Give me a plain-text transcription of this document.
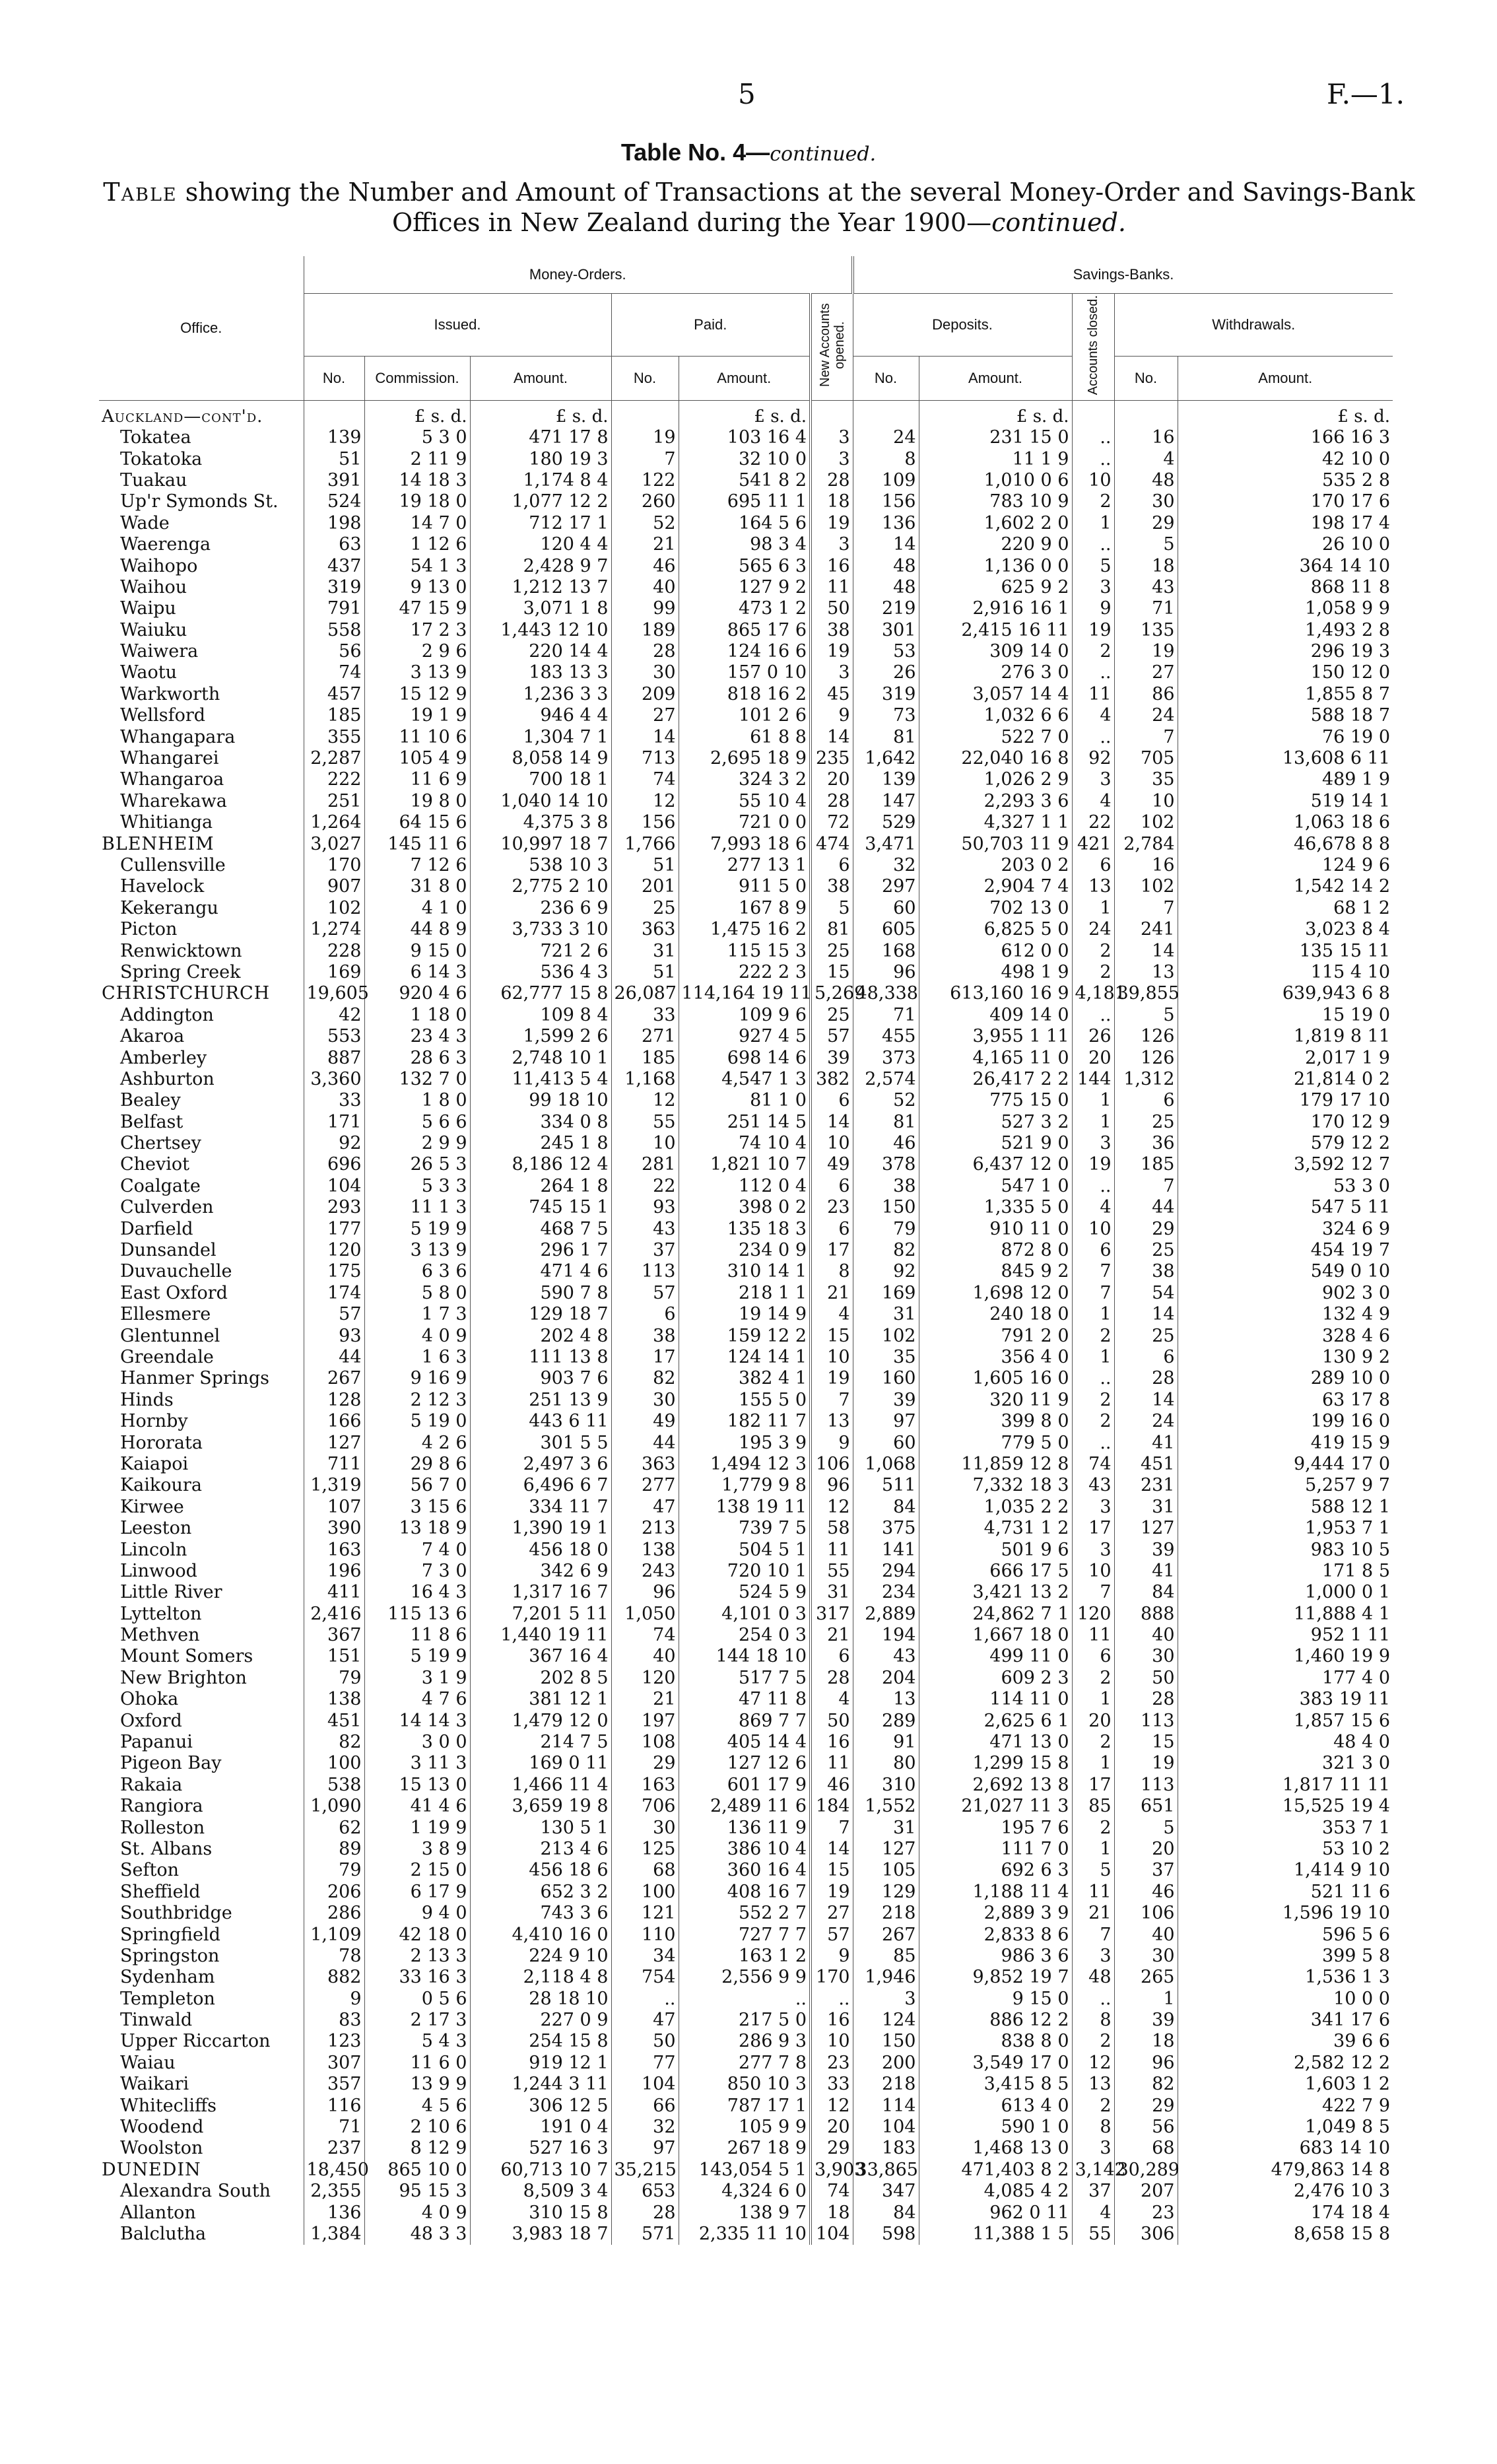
5	F.—1.
Table No. 4—continued.
Table showing the Number and Amount of Transactions at the several Money-Order and Savings-Bank Offices in New Zealand during the Year 1900—continued.
Office.	Money-Orders.						Savings-Banks.				
	Issued.			Paid.		New Accounts opened.	Deposits.		Accounts closed.	Withdrawals.	
	No.	Commission.	Amount.	No.	Amount.		No.	Amount.		No.	Amount.
Auckland—cont'd.		£ s. d.	£ s. d.		£ s. d.			£ s. d.			£ s. d.
Tokatea	139	5 3 0	471 17 8	19	103 16 4	3	24	231 15 0	..	16	166 16 3
Tokatoka	51	2 11 9	180 19 3	7	32 10 0	3	8	11 1 9	..	4	42 10 0
Tuakau	391	14 18 3	1,174 8 4	122	541 8 2	28	109	1,010 0 6	10	48	535 2 8
Up'r Symonds St.	524	19 18 0	1,077 12 2	260	695 11 1	18	156	783 10 9	2	30	170 17 6
Wade	198	14 7 0	712 17 1	52	164 5 6	19	136	1,602 2 0	1	29	198 17 4
Waerenga	63	1 12 6	120 4 4	21	98 3 4	3	14	220 9 0	..	5	26 10 0
Waihopo	437	54 1 3	2,428 9 7	46	565 6 3	16	48	1,136 0 0	5	18	364 14 10
Waihou	319	9 13 0	1,212 13 7	40	127 9 2	11	48	625 9 2	3	43	868 11 8
Waipu	791	47 15 9	3,071 1 8	99	473 1 2	50	219	2,916 16 1	9	71	1,058 9 9
Waiuku	558	17 2 3	1,443 12 10	189	865 17 6	38	301	2,415 16 11	19	135	1,493 2 8
Waiwera	56	2 9 6	220 14 4	28	124 16 6	19	53	309 14 0	2	19	296 19 3
Waotu	74	3 13 9	183 13 3	30	157 0 10	3	26	276 3 0	..	27	150 12 0
Warkworth	457	15 12 9	1,236 3 3	209	818 16 2	45	319	3,057 14 4	11	86	1,855 8 7
Wellsford	185	19 1 9	946 4 4	27	101 2 6	9	73	1,032 6 6	4	24	588 18 7
Whangapara	355	11 10 6	1,304 7 1	14	61 8 8	14	81	522 7 0	..	7	76 19 0
Whangarei	2,287	105 4 9	8,058 14 9	713	2,695 18 9	235	1,642	22,040 16 8	92	705	13,608 6 11
Whangaroa	222	11 6 9	700 18 1	74	324 3 2	20	139	1,026 2 9	3	35	489 1 9
Wharekawa	251	19 8 0	1,040 14 10	12	55 10 4	28	147	2,293 3 6	4	10	519 14 1
Whitianga	1,264	64 15 6	4,375 3 8	156	721 0 0	72	529	4,327 1 1	22	102	1,063 18 6
BLENHEIM	3,027	145 11 6	10,997 18 7	1,766	7,993 18 6	474	3,471	50,703 11 9	421	2,784	46,678 8 8
Cullensville	170	7 12 6	538 10 3	51	277 13 1	6	32	203 0 2	6	16	124 9 6
Havelock	907	31 8 0	2,775 2 10	201	911 5 0	38	297	2,904 7 4	13	102	1,542 14 2
Kekerangu	102	4 1 0	236 6 9	25	167 8 9	5	60	702 13 0	1	7	68 1 2
Picton	1,274	44 8 9	3,733 3 10	363	1,475 16 2	81	605	6,825 5 0	24	241	3,023 8 4
Renwicktown	228	9 15 0	721 2 6	31	115 15 3	25	168	612 0 0	2	14	135 15 11
Spring Creek	169	6 14 3	536 4 3	51	222 2 3	15	96	498 1 9	2	13	115 4 10
CHRISTCHURCH	19,605	920 4 6	62,777 15 8	26,087	114,164 19 11	5,269	48,338	613,160 16 9	4,181	39,855	639,943 6 8
Addington	42	1 18 0	109 8 4	33	109 9 6	25	71	409 14 0	..	5	15 19 0
Akaroa	553	23 4 3	1,599 2 6	271	927 4 5	57	455	3,955 1 11	26	126	1,819 8 11
Amberley	887	28 6 3	2,748 10 1	185	698 14 6	39	373	4,165 11 0	20	126	2,017 1 9
Ashburton	3,360	132 7 0	11,413 5 4	1,168	4,547 1 3	382	2,574	26,417 2 2	144	1,312	21,814 0 2
Bealey	33	1 8 0	99 18 10	12	81 1 0	6	52	775 15 0	1	6	179 17 10
Belfast	171	5 6 6	334 0 8	55	251 14 5	14	81	527 3 2	1	25	170 12 9
Chertsey	92	2 9 9	245 1 8	10	74 10 4	10	46	521 9 0	3	36	579 12 2
Cheviot	696	26 5 3	8,186 12 4	281	1,821 10 7	49	378	6,437 12 0	19	185	3,592 12 7
Coalgate	104	5 3 3	264 1 8	22	112 0 4	6	38	547 1 0	..	7	53 3 0
Culverden	293	11 1 3	745 15 1	93	398 0 2	23	150	1,335 5 0	4	44	547 5 11
Darfield	177	5 19 9	468 7 5	43	135 18 3	6	79	910 11 0	10	29	324 6 9
Dunsandel	120	3 13 9	296 1 7	37	234 0 9	17	82	872 8 0	6	25	454 19 7
Duvauchelle	175	6 3 6	471 4 6	113	310 14 1	8	92	845 9 2	7	38	549 0 10
East Oxford	174	5 8 0	590 7 8	57	218 1 1	21	169	1,698 12 0	7	54	902 3 0
Ellesmere	57	1 7 3	129 18 7	6	19 14 9	4	31	240 18 0	1	14	132 4 9
Glentunnel	93	4 0 9	202 4 8	38	159 12 2	15	102	791 2 0	2	25	328 4 6
Greendale	44	1 6 3	111 13 8	17	124 14 1	10	35	356 4 0	1	6	130 9 2
Hanmer Springs	267	9 16 9	903 7 6	82	382 4 1	19	160	1,605 16 0	..	28	289 10 0
Hinds	128	2 12 3	251 13 9	30	155 5 0	7	39	320 11 9	2	14	63 17 8
Hornby	166	5 19 0	443 6 11	49	182 11 7	13	97	399 8 0	2	24	199 16 0
Hororata	127	4 2 6	301 5 5	44	195 3 9	9	60	779 5 0	..	41	419 15 9
Kaiapoi	711	29 8 6	2,497 3 6	363	1,494 12 3	106	1,068	11,859 12 8	74	451	9,444 17 0
Kaikoura	1,319	56 7 0	6,496 6 7	277	1,779 9 8	96	511	7,332 18 3	43	231	5,257 9 7
Kirwee	107	3 15 6	334 11 7	47	138 19 11	12	84	1,035 2 2	3	31	588 12 1
Leeston	390	13 18 9	1,390 19 1	213	739 7 5	58	375	4,731 1 2	17	127	1,953 7 1
Lincoln	163	7 4 0	456 18 0	138	504 5 1	11	141	501 9 6	3	39	983 10 5
Linwood	196	7 3 0	342 6 9	243	720 10 1	55	294	666 17 5	10	41	171 8 5
Little River	411	16 4 3	1,317 16 7	96	524 5 9	31	234	3,421 13 2	7	84	1,000 0 1
Lyttelton	2,416	115 13 6	7,201 5 11	1,050	4,101 0 3	317	2,889	24,862 7 1	120	888	11,888 4 1
Methven	367	11 8 6	1,440 19 11	74	254 0 3	21	194	1,667 18 0	11	40	952 1 11
Mount Somers	151	5 19 9	367 16 4	40	144 18 10	6	43	499 11 0	6	30	1,460 19 9
New Brighton	79	3 1 9	202 8 5	120	517 7 5	28	204	609 2 3	2	50	177 4 0
Ohoka	138	4 7 6	381 12 1	21	47 11 8	4	13	114 11 0	1	28	383 19 11
Oxford	451	14 14 3	1,479 12 0	197	869 7 7	50	289	2,625 6 1	20	113	1,857 15 6
Papanui	82	3 0 0	214 7 5	108	405 14 4	16	91	471 13 0	2	15	48 4 0
Pigeon Bay	100	3 11 3	169 0 11	29	127 12 6	11	80	1,299 15 8	1	19	321 3 0
Rakaia	538	15 13 0	1,466 11 4	163	601 17 9	46	310	2,692 13 8	17	113	1,817 11 11
Rangiora	1,090	41 4 6	3,659 19 8	706	2,489 11 6	184	1,552	21,027 11 3	85	651	15,525 19 4
Rolleston	62	1 19 9	130 5 1	30	136 11 9	7	31	195 7 6	2	5	353 7 1
St. Albans	89	3 8 9	213 4 6	125	386 10 4	14	127	111 7 0	1	20	53 10 2
Sefton	79	2 15 0	456 18 6	68	360 16 4	15	105	692 6 3	5	37	1,414 9 10
Sheffield	206	6 17 9	652 3 2	100	408 16 7	19	129	1,188 11 4	11	46	521 11 6
Southbridge	286	9 4 0	743 3 6	121	552 2 7	27	218	2,889 3 9	21	106	1,596 19 10
Springfield	1,109	42 18 0	4,410 16 0	110	727 7 7	57	267	2,833 8 6	7	40	596 5 6
Springston	78	2 13 3	224 9 10	34	163 1 2	9	85	986 3 6	3	30	399 5 8
Sydenham	882	33 16 3	2,118 4 8	754	2,556 9 9	170	1,946	9,852 19 7	48	265	1,536 1 3
Templeton	9	0 5 6	28 18 10	..	..	..	3	9 15 0	..	1	10 0 0
Tinwald	83	2 17 3	227 0 9	47	217 5 0	16	124	886 12 2	8	39	341 17 6
Upper Riccarton	123	5 4 3	254 15 8	50	286 9 3	10	150	838 8 0	2	18	39 6 6
Waiau	307	11 6 0	919 12 1	77	277 7 8	23	200	3,549 17 0	12	96	2,582 12 2
Waikari	357	13 9 9	1,244 3 11	104	850 10 3	33	218	3,415 8 5	13	82	1,603 1 2
Whitecliffs	116	4 5 6	306 12 5	66	787 17 1	12	114	613 4 0	2	29	422 7 9
Woodend	71	2 10 6	191 0 4	32	105 9 9	20	104	590 1 0	8	56	1,049 8 5
Woolston	237	8 12 9	527 16 3	97	267 18 9	29	183	1,468 13 0	3	68	683 14 10
DUNEDIN	18,450	865 10 0	60,713 10 7	35,215	143,054 5 1	3,903	33,865	471,403 8 2	3,142	30,289	479,863 14 8
Alexandra South	2,355	95 15 3	8,509 3 4	653	4,324 6 0	74	347	4,085 4 2	37	207	2,476 10 3
Allanton	136	4 0 9	310 15 8	28	138 9 7	18	84	962 0 11	4	23	174 18 4
Balclutha	1,384	48 3 3	3,983 18 7	571	2,335 11 10	104	598	11,388 1 5	55	306	8,658 15 8
